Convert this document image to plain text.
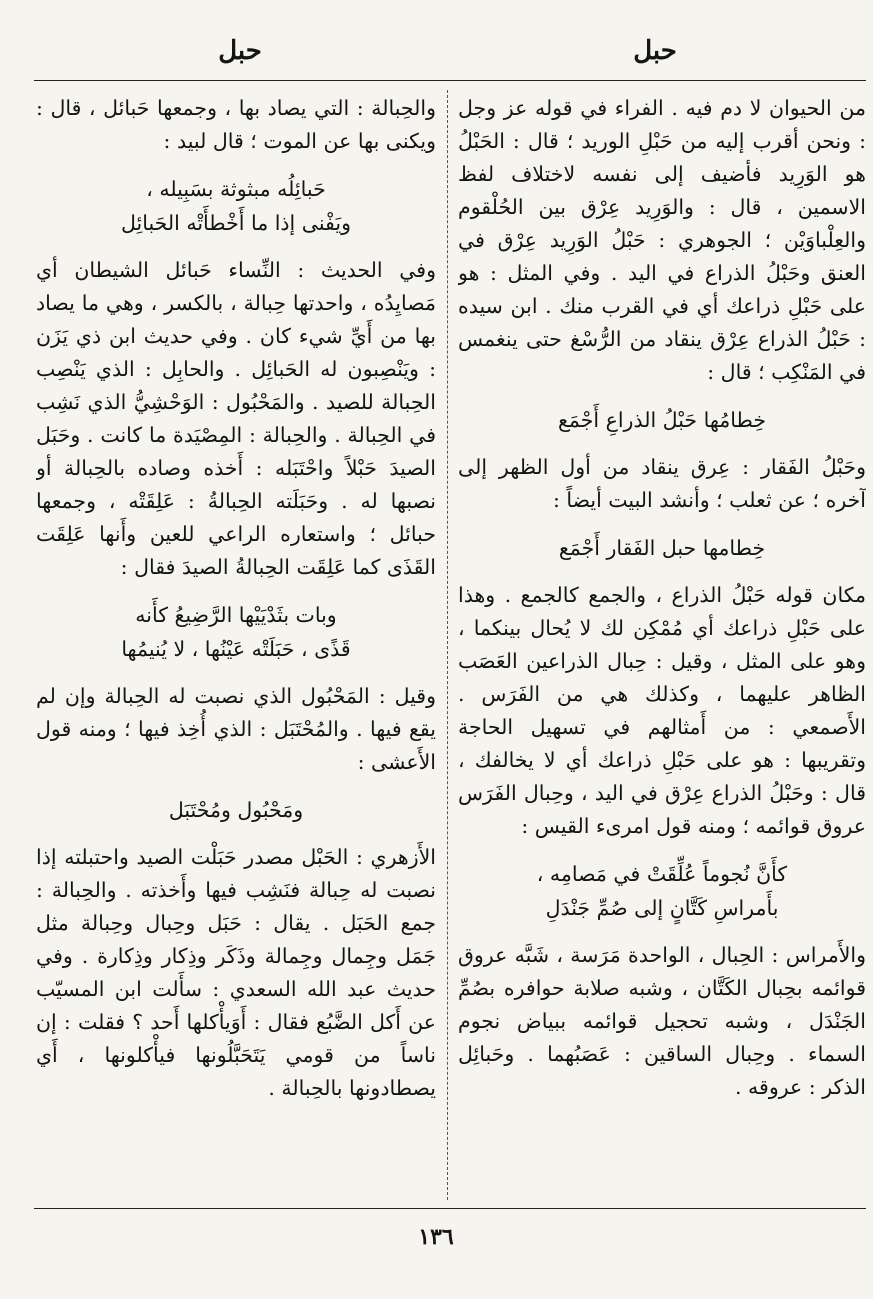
حبل
حبل

من الحيوان لا دم فيه . الفراء في قوله عز وجل : ونحن أقرب إليه من حَبْلِ الوريد ؛ قال : الحَبْلُ هو الوَرِيد فأضيف إلى نفسه لاختلاف لفظ الاسمين ، قال : والوَرِيد عِرْق بين الحُلْقوم والعِلْباوَيْن ؛ الجوهري : حَبْلُ الوَرِيد عِرْق في العنق وحَبْلُ الذراع في اليد . وفي المثل : هو على حَبْلِ ذراعك أي في القرب منك . ابن سيده : حَبْلُ الذراع عِرْق ينقاد من الرُّسْغ حتى ينغمس في المَنْكِب ؛ قال :

خِطامُها حَبْلُ الذراعِ أَجْمَع

وحَبْلُ الفَقار : عِرق ينقاد من أول الظهر إلى آخره ؛ عن ثعلب ؛ وأنشد البيت أيضاً :

خِطامها حبل الفَقار أَجْمَع

مكان قوله حَبْلُ الذراع ، والجمع كالجمع . وهذا على حَبْلِ ذراعك أي مُمْكِن لك لا يُحال بينكما ، وهو على المثل ، وقيل : حِبال الذراعين العَصَب الظاهر عليهما ، وكذلك هي من الفَرَس . الأَصمعي : من أَمثالهم في تسهيل الحاجة وتقريبها : هو على حَبْلِ ذراعك أي لا يخالفك ، قال : وحَبْلُ الذراع عِرْق في اليد ، وحِبال الفَرَس عروق قوائمه ؛ ومنه قول امرىء القيس :

كأَنَّ نُجوماً عُلِّقَتْ في مَصامِه ،
بأَمراسِ كَتَّانٍ إلى صُمِّ جَنْدَلِ

والأَمراس : الحِبال ، الواحدة مَرَسة ، شَبَّه عروق قوائمه بحِبال الكَتَّان ، وشبه صلابة حوافره بصُمِّ الجَنْدَل ، وشبه تحجيل قوائمه ببياض نجوم السماء . وحِبال الساقين : عَصَبُهما . وحَبائِل الذكر : عروقه .

والحِبالة : التي يصاد بها ، وجمعها حَبائل ، قال : ويكنى بها عن الموت ؛ قال لبيد :

حَبائِلُه مبثوثة بسَبِيله ،
ويَفْنى إذا ما أَخْطأَتْه الحَبائِل

وفي الحديث : النِّساء حَبائل الشيطان أي مَصايِدُه ، واحدتها حِبالة ، بالكسر ، وهي ما يصاد بها من أَيِّ شيء كان . وفي حديث ابن ذي يَزَن : ويَنْصِبون له الحَبائِل . والحابِل : الذي يَنْصِب الحِبالة للصيد . والمَحْبُول : الوَحْشِيُّ الذي نَشِب في الحِبالة . والحِبالة : المِصْيَدة ما كانت . وحَبَل الصيدَ حَبْلاً واحْتَبَله : أَخذه وصاده بالحِبالة أو نصبها له . وحَبَلَته الحِبالةُ : عَلِقَتْه ، وجمعها حبائل ؛ واستعاره الراعي للعين وأَنها عَلِقَت القَذَى كما عَلِقَت الحِبالةُ الصيدَ فقال :

وبات بثَدْيَيْها الرَّضِيعُ كأَنه
قَذًى ، حَبَلَتْه عَيْنُها ، لا يُنيمُها

وقيل : المَحْبُول الذي نصبت له الحِبالة وإن لم يقع فيها . والمُحْتَبَل : الذي أُخِذ فيها ؛ ومنه قول الأَعشى :

ومَحْبُول ومُحْتَبَل

الأَزهري : الحَبْل مصدر حَبَلْت الصيد واحتبلته إذا نصبت له حِبالة فنَشِب فيها وأَخذته . والحِبالة : جمع الحَبَل . يقال : حَبَل وحِبال وحِبالة مثل جَمَل وجِمال وجِمالة وذَكَر وذِكار وذِكارة . وفي حديث عبد الله السعدي : سأَلت ابن المسيّب عن أَكل الضَّبُع فقال : أَوَيأْكلها أَحد ؟ فقلت : إن ناساً من قومي يَتَحَبَّلُونها فيأْكلونها ، أَي يصطادونها بالحِبالة .

١٣٦
